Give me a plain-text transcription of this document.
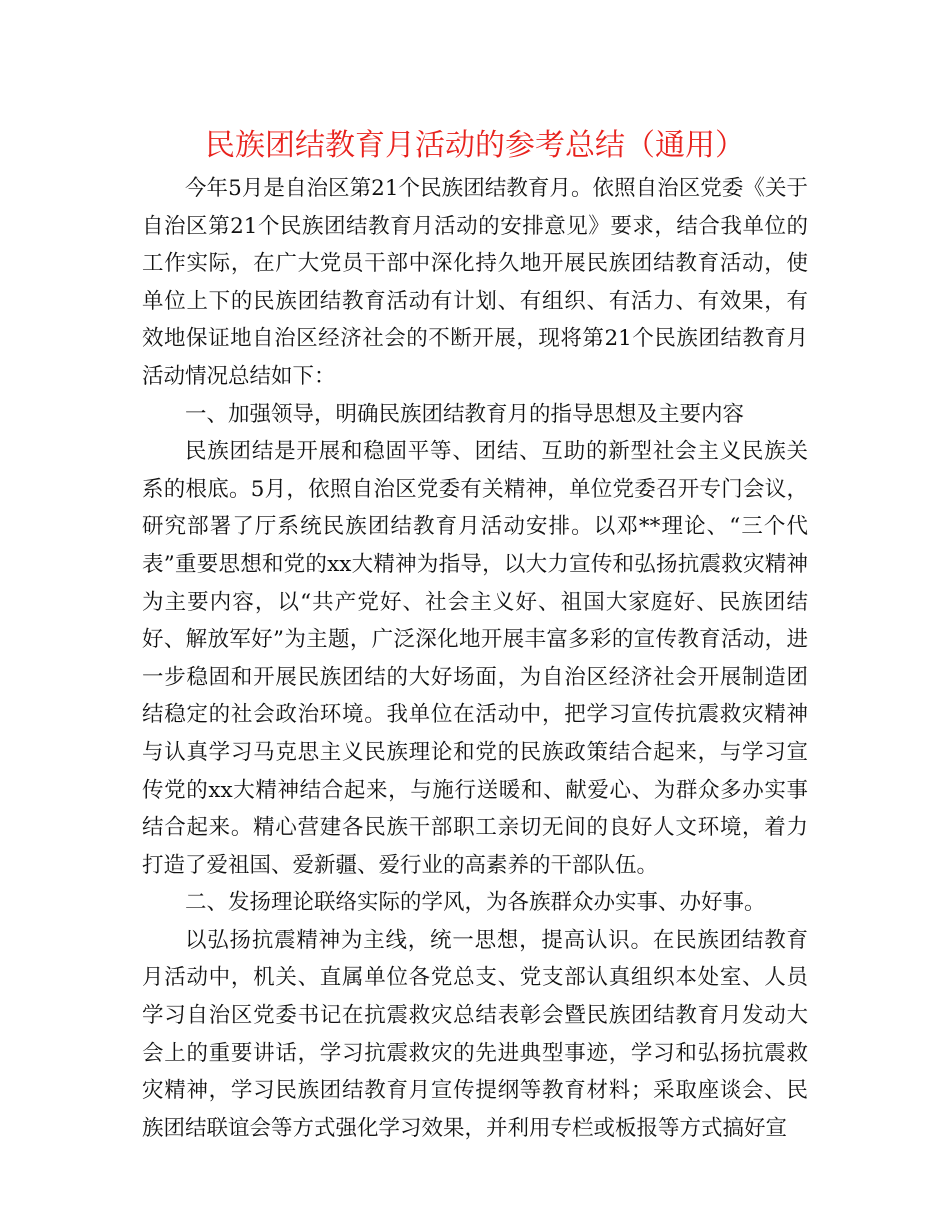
民族团结教育月活动的参考总结（通用）

今年5月是自治区第21个民族团结教育月。依照自治区党委《关于自治区第21个民族团结教育月活动的安排意见》要求，结合我单位的工作实际，在广大党员干部中深化持久地开展民族团结教育活动，使单位上下的民族团结教育活动有计划、有组织、有活力、有效果，有效地保证地自治区经济社会的不断开展，现将第21个民族团结教育月活动情况总结如下：

一、加强领导，明确民族团结教育月的指导思想及主要内容

民族团结是开展和稳固平等、团结、互助的新型社会主义民族关系的根底。5月，依照自治区党委有关精神，单位党委召开专门会议，研究部署了厅系统民族团结教育月活动安排。以邓**理论、“三个代表”重要思想和党的xx大精神为指导，以大力宣传和弘扬抗震救灾精神为主要内容，以“共产党好、社会主义好、祖国大家庭好、民族团结好、解放军好”为主题，广泛深化地开展丰富多彩的宣传教育活动，进一步稳固和开展民族团结的大好场面，为自治区经济社会开展制造团结稳定的社会政治环境。我单位在活动中，把学习宣传抗震救灾精神与认真学习马克思主义民族理论和党的民族政策结合起来，与学习宣传党的xx大精神结合起来，与施行送暖和、献爱心、为群众多办实事结合起来。精心营建各民族干部职工亲切无间的良好人文环境，着力打造了爱祖国、爱新疆、爱行业的高素养的干部队伍。

二、发扬理论联络实际的学风，为各族群众办实事、办好事。

以弘扬抗震精神为主线，统一思想，提高认识。在民族团结教育月活动中，机关、直属单位各党总支、党支部认真组织本处室、人员学习自治区党委书记在抗震救灾总结表彰会暨民族团结教育月发动大会上的重要讲话，学习抗震救灾的先进典型事迹，学习和弘扬抗震救灾精神，学习民族团结教育月宣传提纲等教育材料；采取座谈会、民族团结联谊会等方式强化学习效果，并利用专栏或板报等方式搞好宣
